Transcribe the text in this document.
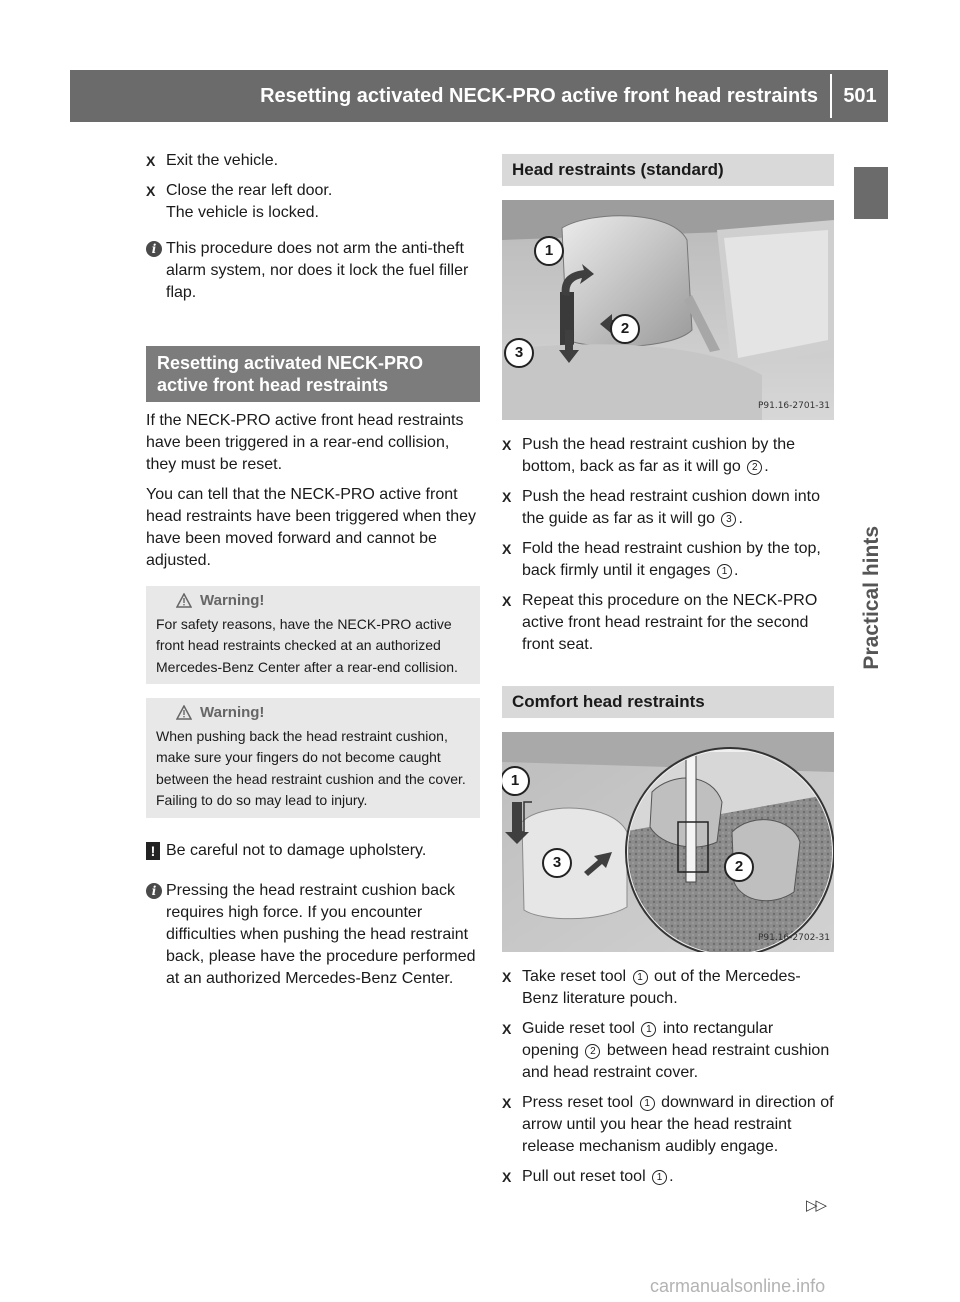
Resetting activated NECK-PRO active front head restraints	501
Practical hints
X Exit the vehicle.
X Close the rear left door.
The vehicle is locked.
i This procedure does not arm the anti-theft alarm system, nor does it lock the fuel filler flap.
Resetting activated NECK-PRO active front head restraints

If the NECK-PRO active front head restraints have been triggered in a rear-end collision, they must be reset.

You can tell that the NECK-PRO active front head restraints have been triggered when they have been moved forward and cannot be adjusted.

Warning!
For safety reasons, have the NECK-PRO active front head restraints checked at an authorized Mercedes-Benz Center after a rear-end collision.
Warning!
When pushing back the head restraint cushion, make sure your fingers do not become caught between the head restraint cushion and the cover. Failing to do so may lead to injury.
! Be careful not to damage upholstery.
i Pressing the head restraint cushion back requires high force. If you encounter difficulties when pushing the head restraint back, please have the procedure performed at an authorized Mercedes-Benz Center.
Head restraints (standard)
1
2
3
P91.16-2701-31
X Push the head restraint cushion by the bottom, back as far as it will go 2 .
X Push the head restraint cushion down into the guide as far as it will go 3 .
X Fold the head restraint cushion by the top, back firmly until it engages 1 .
X Repeat this procedure on the NECK-PRO active front head restraint for the second front seat.
Comfort head restraints
1
2
3
P91.16-2702-31
X Take reset tool 1 out of the Mercedes-Benz literature pouch.
X Guide reset tool 1 into rectangular opening 2 between head restraint cushion and head restraint cover.
X Press reset tool 1 downward in direction of arrow until you hear the head restraint release mechanism audibly engage.
X Pull out reset tool 1 .
▷▷
carmanualsonline.info
